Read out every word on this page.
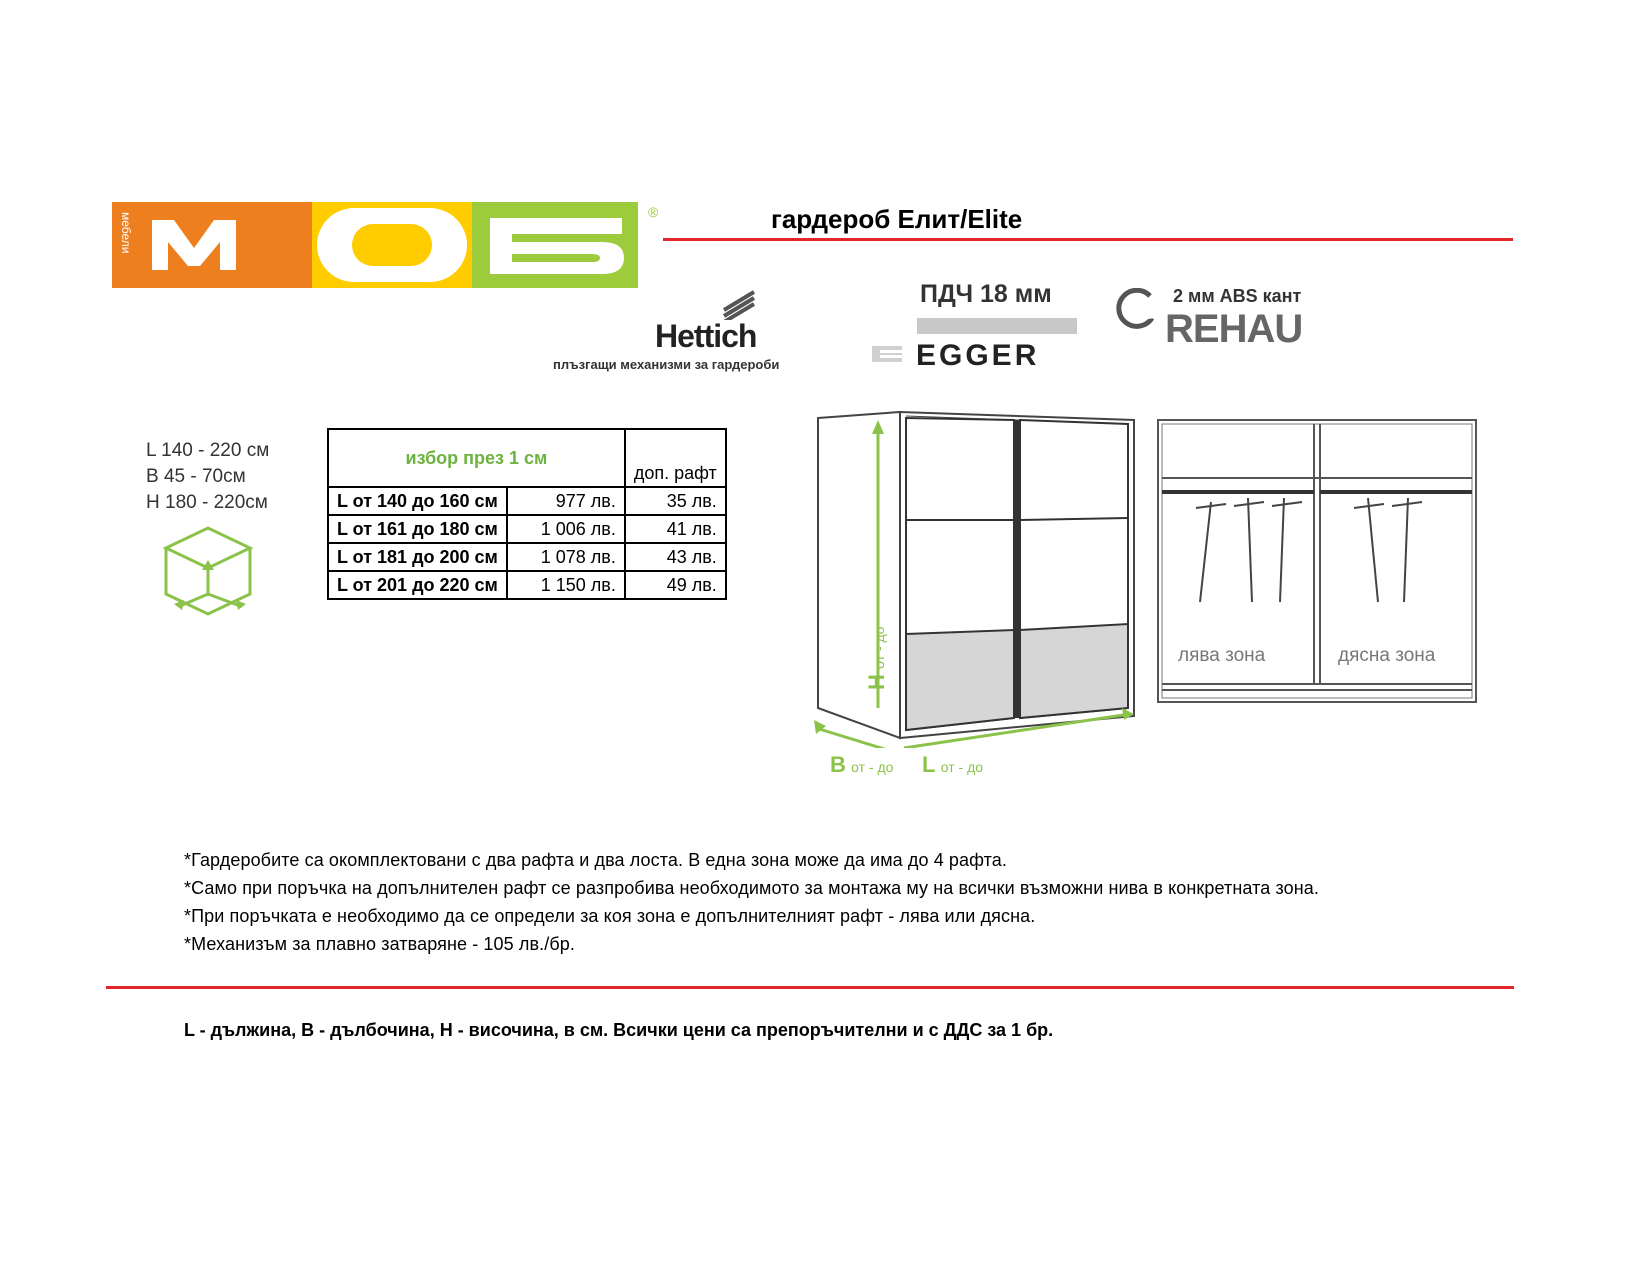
мебели	®	гардероб Елит/Elite
Hettich
плъзгащи механизми за гардероби
ПДЧ 18 мм
EGGER
2 мм ABS кант
REHAU
L 140 - 220 см
B 45 - 70см
H 180 - 220см
избор през 1 см		доп. рафт
L от 140 до 160 см	977 лв.	35 лв.
L от 161 до 180 см	1 006 лв.	41 лв.
L от 181 до 200 см	1 078 лв.	43 лв.
L от 201 до 220 см	1 150 лв.	49 лв.
H от - до
B от - до L от - до
лява зона	дясна зона
*Гардеробите са окомплектовани с два рафта и два лоста. В една зона може да има до 4 рафта.
*Само при поръчка на допълнителен рафт се разпробива необходимото за монтажа му на всички възможни нива в конкретната зона.
*При поръчката е необходимо да се определи за коя зона е допълнителният рафт - лява или дясна.
*Механизъм за плавно затваряне - 105 лв./бр.
L - дължина, B - дълбочина, H - височина, в см. Всички цени са препоръчителни и с ДДС за 1 бр.
